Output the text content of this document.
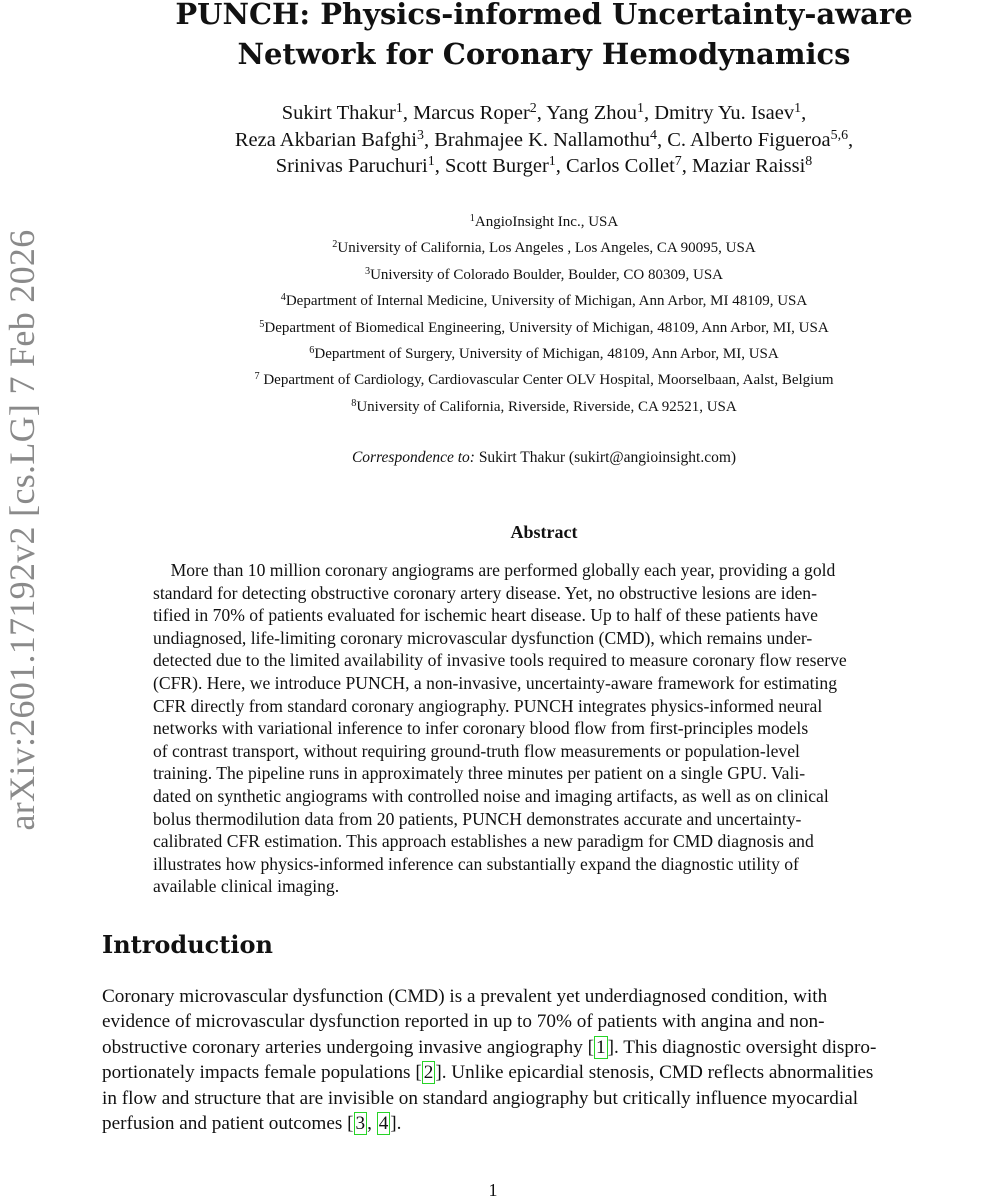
arXiv:2601.17192v2 [cs.LG] 7 Feb 2026
PUNCH: Physics-informed Uncertainty-aware
Network for Coronary Hemodynamics
Sukirt Thakur$^1$, Marcus Roper$^2$, Yang Zhou$^1$, Dmitry Yu. Isaev$^1$,
Reza Akbarian Bafghi$^3$, Brahmajee K. Nallamothu$^4$, C. Alberto Figueroa$^{5,6}$,
Srinivas Paruchuri$^1$, Scott Burger$^1$, Carlos Collet$^7$, Maziar Raissi$^8$
$^1$AngioInsight Inc., USA
$^2$University of California, Los Angeles , Los Angeles, CA 90095, USA
$^3$University of Colorado Boulder, Boulder, CO 80309, USA
$^4$Department of Internal Medicine, University of Michigan, Ann Arbor, MI 48109, USA
$^5$Department of Biomedical Engineering, University of Michigan, 48109, Ann Arbor, MI, USA
$^6$Department of Surgery, University of Michigan, 48109, Ann Arbor, MI, USA
$^7$ Department of Cardiology, Cardiovascular Center OLV Hospital, Moorselbaan, Aalst, Belgium
$^8$University of California, Riverside, Riverside, CA 92521, USA
Correspondence to: Sukirt Thakur (sukirt@angioinsight.com)
Abstract
 More than 10 million coronary angiograms are performed globally each year, providing a gold
standard for detecting obstructive coronary artery disease. Yet, no obstructive lesions are iden-
tified in 70% of patients evaluated for ischemic heart disease. Up to half of these patients have
undiagnosed, life-limiting coronary microvascular dysfunction (CMD), which remains under-
detected due to the limited availability of invasive tools required to measure coronary flow reserve
(CFR). Here, we introduce PUNCH, a non-invasive, uncertainty-aware framework for estimating
CFR directly from standard coronary angiography. PUNCH integrates physics-informed neural
networks with variational inference to infer coronary blood flow from first-principles models
of contrast transport, without requiring ground-truth flow measurements or population-level
training. The pipeline runs in approximately three minutes per patient on a single GPU. Vali-
dated on synthetic angiograms with controlled noise and imaging artifacts, as well as on clinical
bolus thermodilution data from 20 patients, PUNCH demonstrates accurate and uncertainty-
calibrated CFR estimation. This approach establishes a new paradigm for CMD diagnosis and
illustrates how physics-informed inference can substantially expand the diagnostic utility of
available clinical imaging.
Introduction
Coronary microvascular dysfunction (CMD) is a prevalent yet underdiagnosed condition, with
evidence of microvascular dysfunction reported in up to 70% of patients with angina and non-
obstructive coronary arteries undergoing invasive angiography [ 1 ]. This diagnostic oversight dispro-
portionately impacts female populations [ 2 ]. Unlike epicardial stenosis, CMD reflects abnormalities
in flow and structure that are invisible on standard angiography but critically influence myocardial
perfusion and patient outcomes [ 3 , 4 ].
1
